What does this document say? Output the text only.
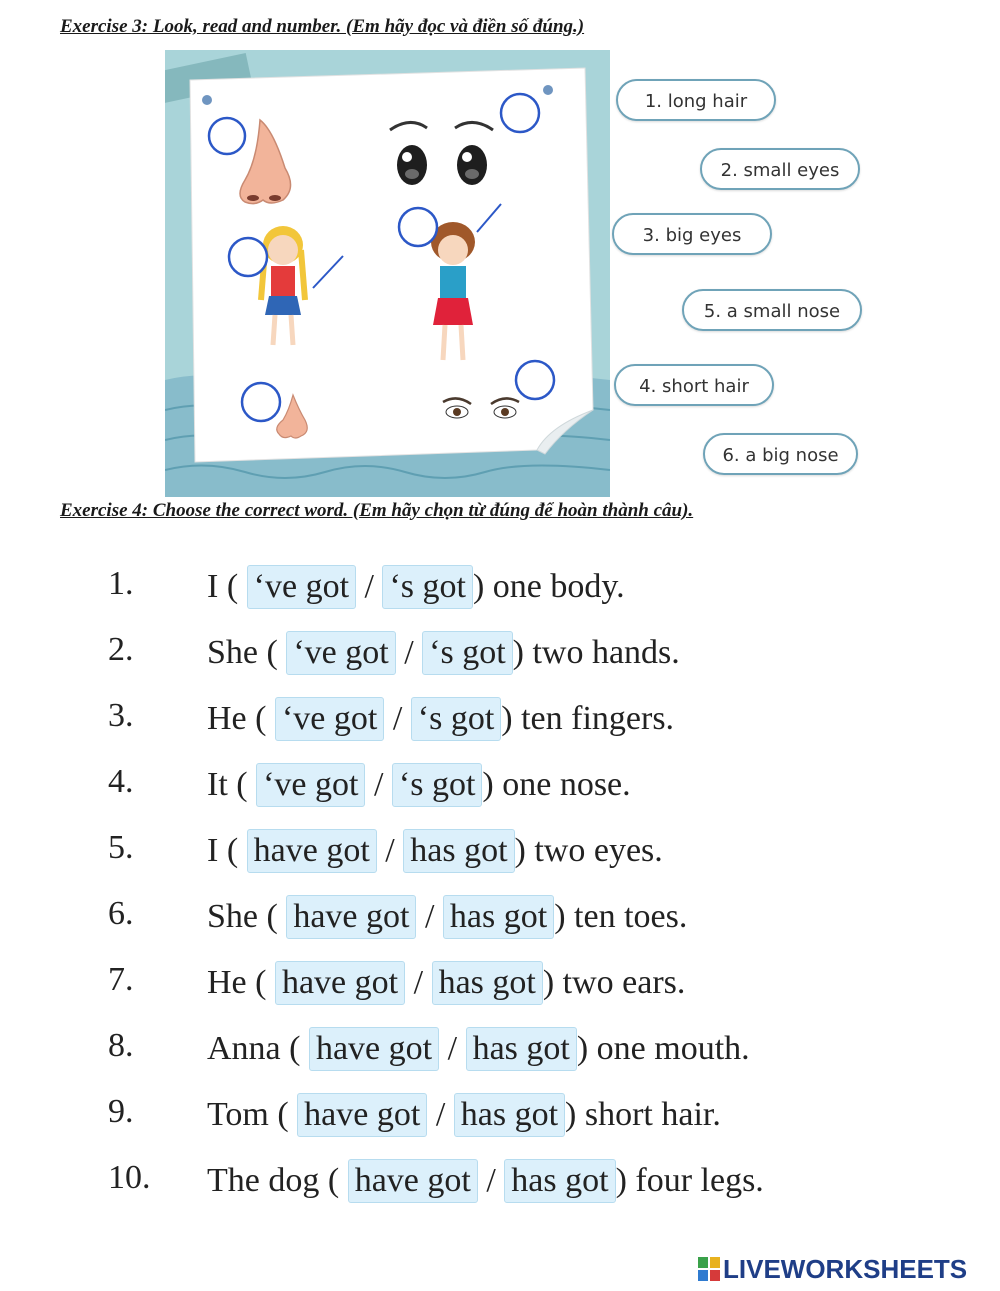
Exercise 3: Look, read and number. (Em hãy đọc và điền số đúng.)
1. long hair
2. small eyes
3. big eyes
5. a small nose
4. short hair
6. a big nose
Exercise 4: Choose the correct word. (Em hãy chọn từ đúng để hoàn thành câu).
1. I ( ‘ve got / ‘s got ) one body.
2. She ( ‘ve got / ‘s got ) two hands.
3. He ( ‘ve got / ‘s got ) ten fingers.
4. It ( ‘ve got / ‘s got ) one nose.
5. I ( have got / has got ) two eyes.
6. She ( have got / has got ) ten toes.
7. He ( have got / has got ) two ears.
8. Anna ( have got / has got ) one mouth.
9. Tom ( have got / has got ) short hair.
10. The dog ( have got / has got ) four legs.
LIVEWORKSHEETS
